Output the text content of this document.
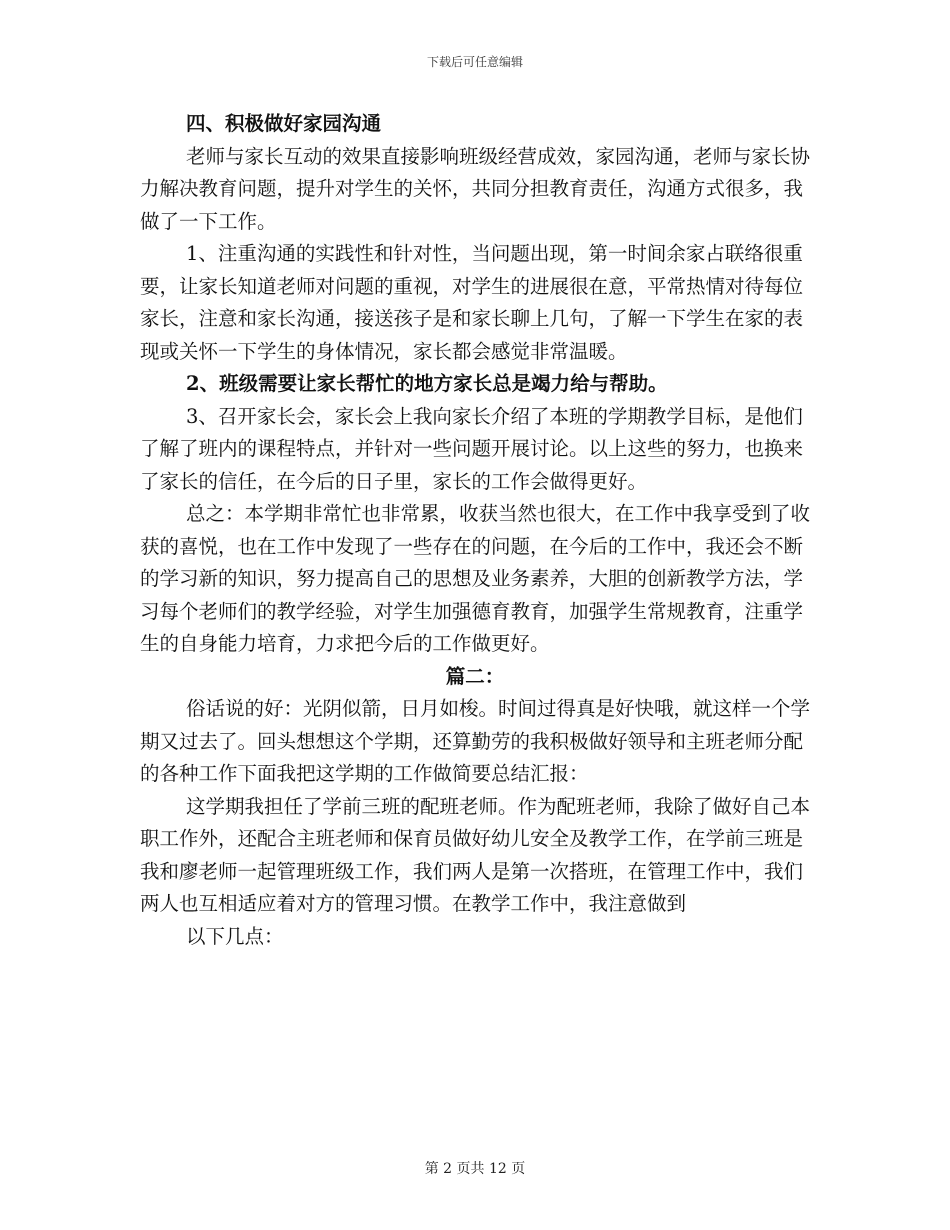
下载后可任意编辑
四、积极做好家园沟通

老师与家长互动的效果直接影响班级经营成效，家园沟通，老师与家长协力解决教育问题，提升对学生的关怀，共同分担教育责任，沟通方式很多，我做了一下工作。

1、注重沟通的实践性和针对性，当问题出现，第一时间余家占联络很重要，让家长知道老师对问题的重视，对学生的进展很在意，平常热情对待每位家长，注意和家长沟通，接送孩子是和家长聊上几句，了解一下学生在家的表现或关怀一下学生的身体情况，家长都会感觉非常温暖。

2、班级需要让家长帮忙的地方家长总是竭力给与帮助。

3、召开家长会，家长会上我向家长介绍了本班的学期教学目标，是他们了解了班内的课程特点，并针对一些问题开展讨论。以上这些的努力，也换来了家长的信任，在今后的日子里，家长的工作会做得更好。

总之：本学期非常忙也非常累，收获当然也很大，在工作中我享受到了收获的喜悦，也在工作中发现了一些存在的问题，在今后的工作中，我还会不断的学习新的知识，努力提高自己的思想及业务素养，大胆的创新教学方法，学习每个老师们的教学经验，对学生加强德育教育，加强学生常规教育，注重学生的自身能力培育，力求把今后的工作做更好。

篇二：

俗话说的好：光阴似箭，日月如梭。时间过得真是好快哦，就这样一个学期又过去了。回头想想这个学期，还算勤劳的我积极做好领导和主班老师分配的各种工作下面我把这学期的工作做简要总结汇报：

这学期我担任了学前三班的配班老师。作为配班老师，我除了做好自己本职工作外，还配合主班老师和保育员做好幼儿安全及教学工作，在学前三班是我和廖老师一起管理班级工作，我们两人是第一次搭班，在管理工作中，我们两人也互相适应着对方的管理习惯。在教学工作中，我注意做到

以下几点：

第 2 页共 12 页
